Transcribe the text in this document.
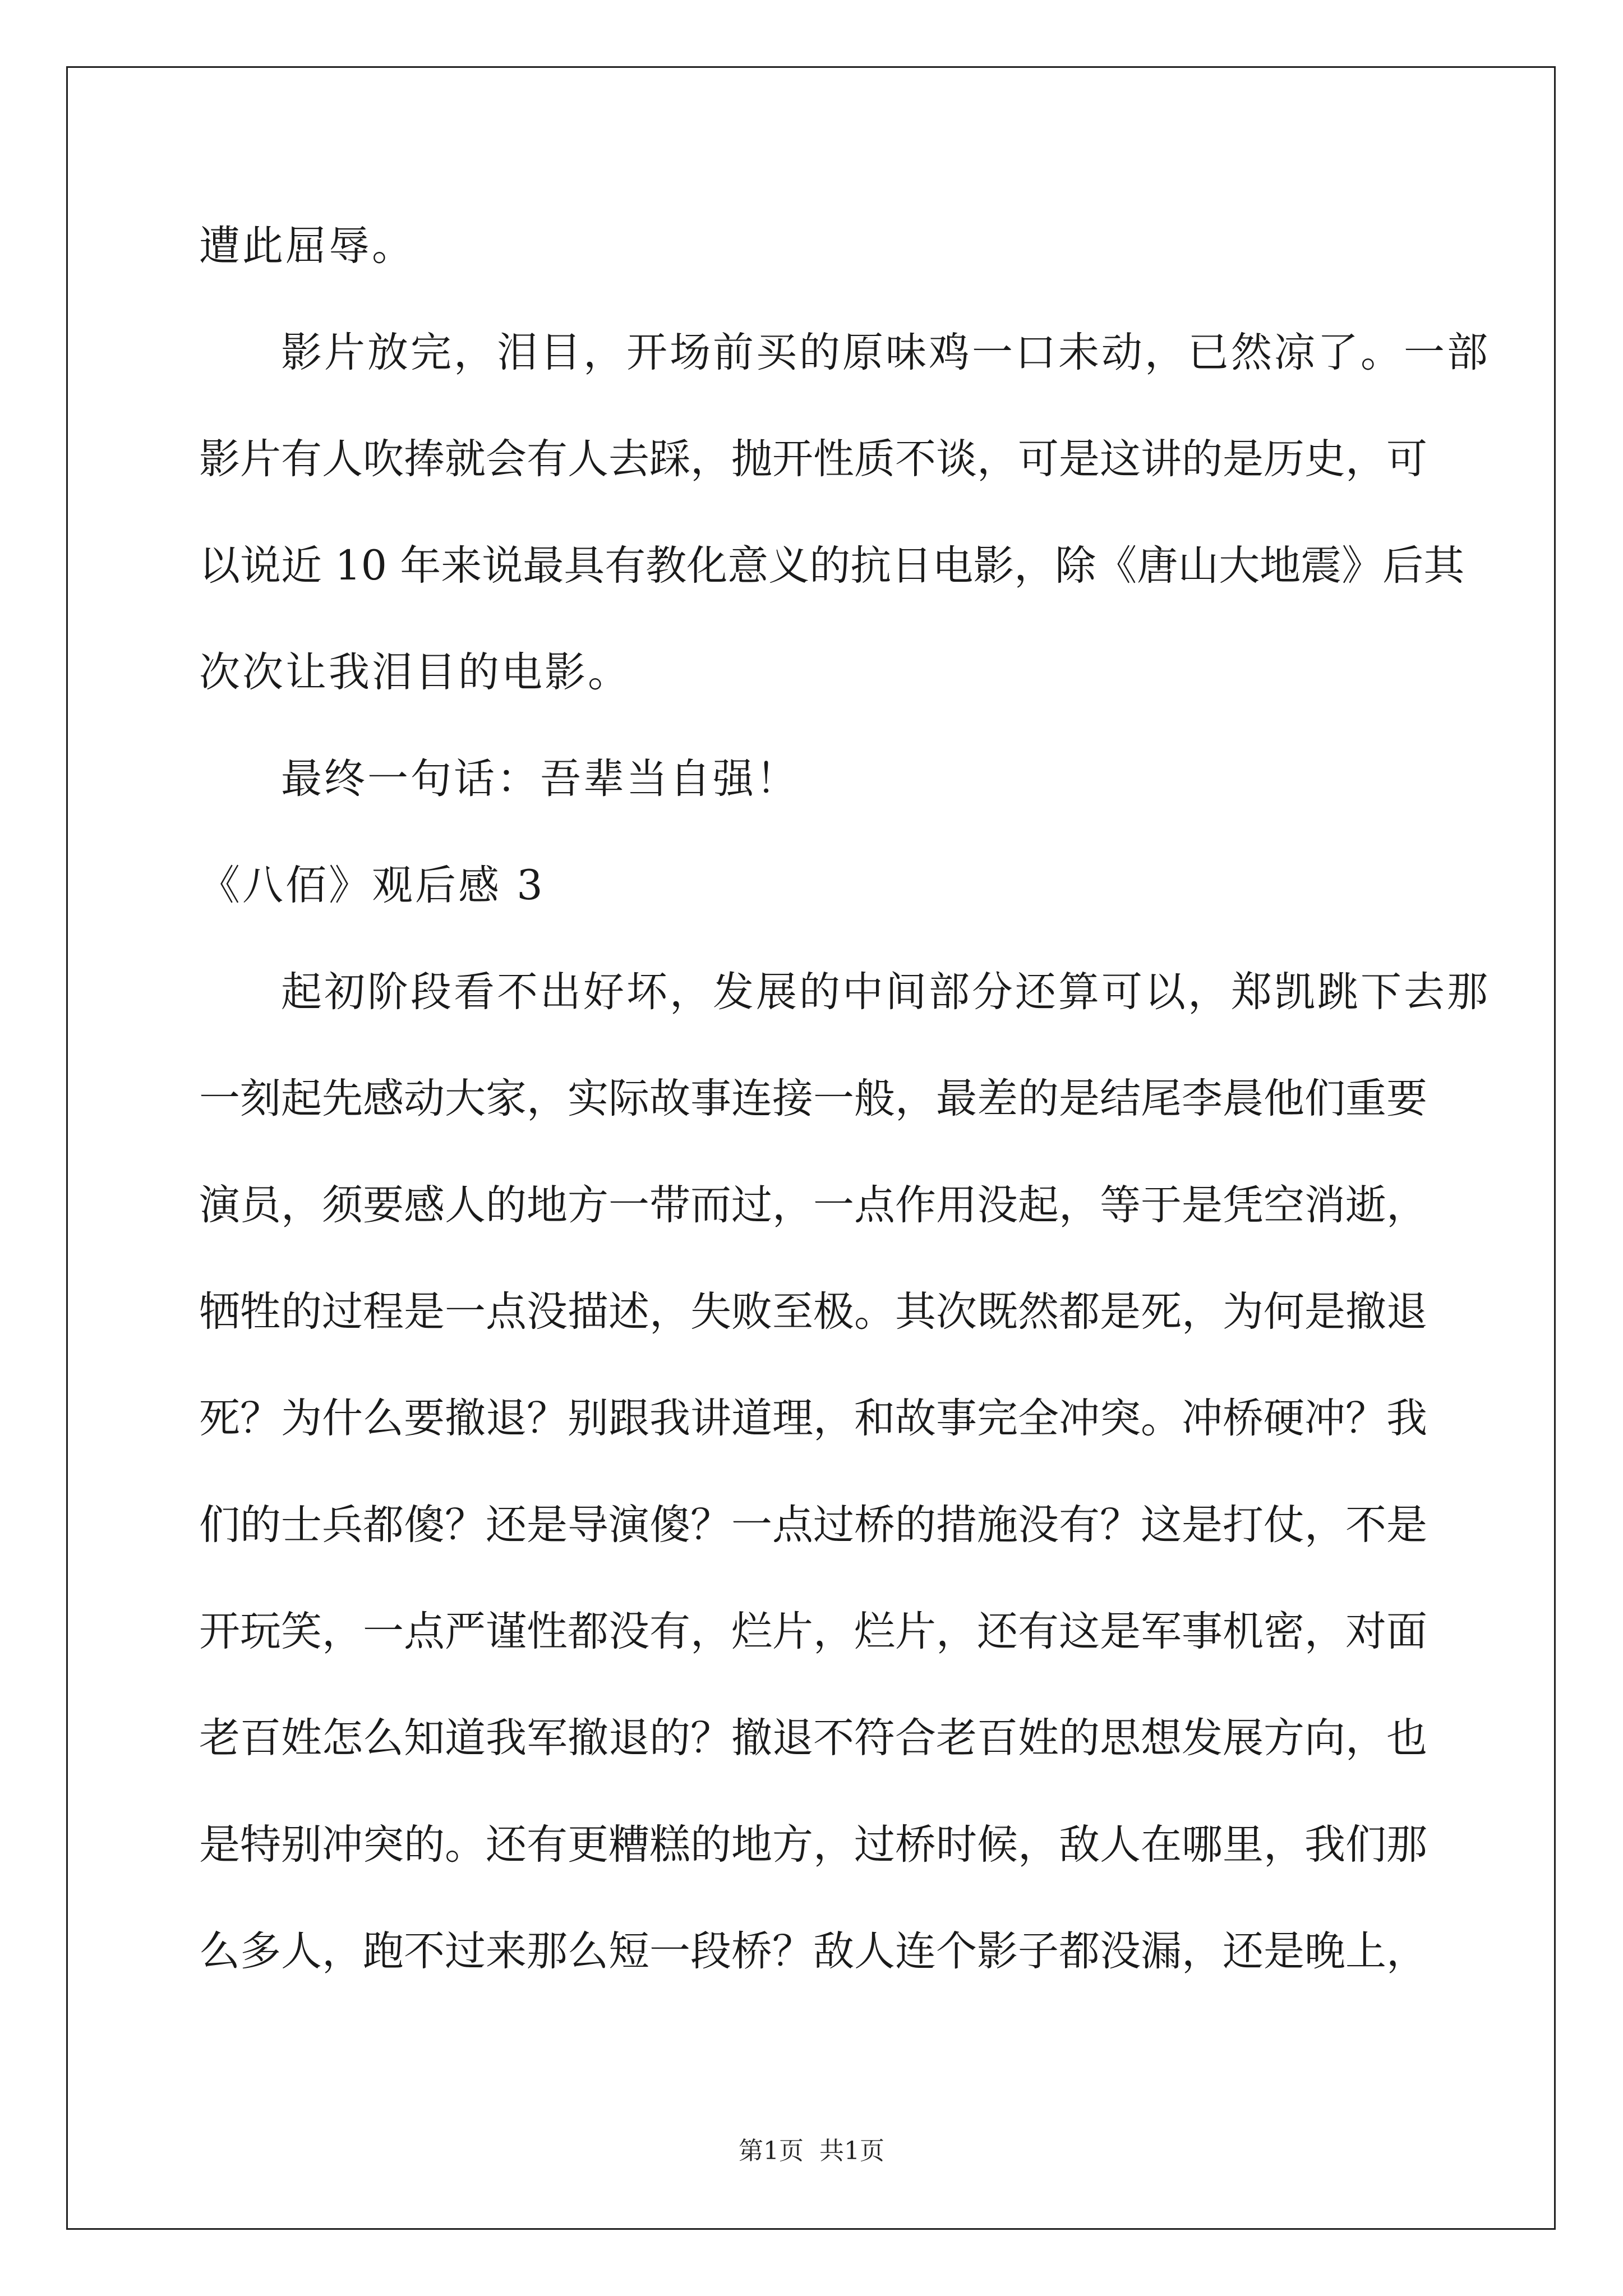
遭此屈辱。
影片放完，泪目，开场前买的原味鸡一口未动，已然凉了。一部
影片有人吹捧就会有人去踩，抛开性质不谈，可是这讲的是历史，可
以说近 10 年来说最具有教化意义的抗日电影，除《唐山大地震》后其
次次让我泪目的电影。
最终一句话：吾辈当自强！
《八佰》观后感 3
起初阶段看不出好坏，发展的中间部分还算可以，郑凯跳下去那
一刻起先感动大家，实际故事连接一般，最差的是结尾李晨他们重要
演员，须要感人的地方一带而过，一点作用没起，等于是凭空消逝，
牺牲的过程是一点没描述，失败至极。其次既然都是死，为何是撤退
死？为什么要撤退？别跟我讲道理，和故事完全冲突。冲桥硬冲？我
们的士兵都傻？还是导演傻？一点过桥的措施没有？这是打仗，不是
开玩笑，一点严谨性都没有，烂片，烂片，还有这是军事机密，对面
老百姓怎么知道我军撤退的？撤退不符合老百姓的思想发展方向，也
是特别冲突的。还有更糟糕的地方，过桥时候，敌人在哪里，我们那
么多人，跑不过来那么短一段桥？敌人连个影子都没漏，还是晚上，
第1页  共1页
